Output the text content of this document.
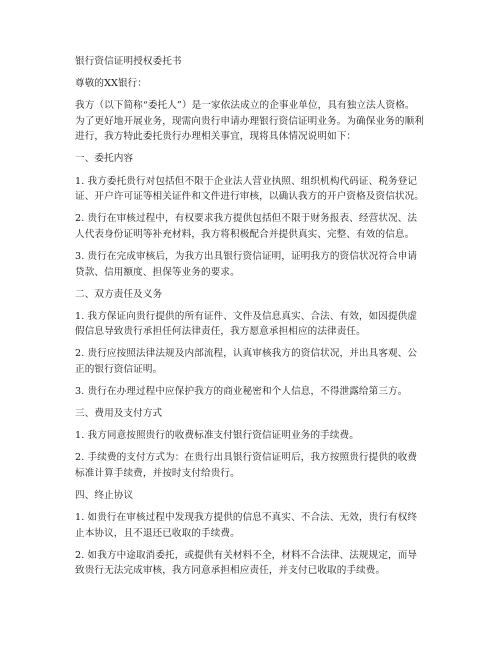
银行资信证明授权委托书
尊敬的XX银行：
我方（以下简称“委托人”）是一家依法成立的企事业单位，具有独立法人资格。
为了更好地开展业务，现需向贵行申请办理银行资信证明业务。为确保业务的顺利
进行，我方特此委托贵行办理相关事宜，现将具体情况说明如下：
一、委托内容
1. 我方委托贵行对包括但不限于企业法人营业执照、组织机构代码证、税务登记
证、开户许可证等相关证件和文件进行审核，以确认我方的开户资格及资信状况。
2. 贵行在审核过程中，有权要求我方提供包括但不限于财务报表、经营状况、法
人代表身份证明等补充材料，我方将积极配合并提供真实、完整、有效的信息。
3. 贵行在完成审核后，为我方出具银行资信证明，证明我方的资信状况符合申请
贷款、信用额度、担保等业务的要求。
二、双方责任及义务
1. 我方保证向贵行提供的所有证件、文件及信息真实、合法、有效，如因提供虚
假信息导致贵行承担任何法律责任，我方愿意承担相应的法律责任。
2. 贵行应按照法律法规及内部流程，认真审核我方的资信状况，并出具客观、公
正的银行资信证明。
3. 贵行在办理过程中应保护我方的商业秘密和个人信息，不得泄露给第三方。
三、费用及支付方式
1. 我方同意按照贵行的收费标准支付银行资信证明业务的手续费。
2. 手续费的支付方式为：在贵行出具银行资信证明后，我方按照贵行提供的收费
标准计算手续费，并按时支付给贵行。
四、终止协议
1. 如贵行在审核过程中发现我方提供的信息不真实、不合法、无效，贵行有权终
止本协议，且不退还已收取的手续费。
2. 如我方中途取消委托，或提供有关材料不全，材料不合法律、法规规定，而导
致贵行无法完成审核，我方同意承担相应责任，并支付已收取的手续费。
